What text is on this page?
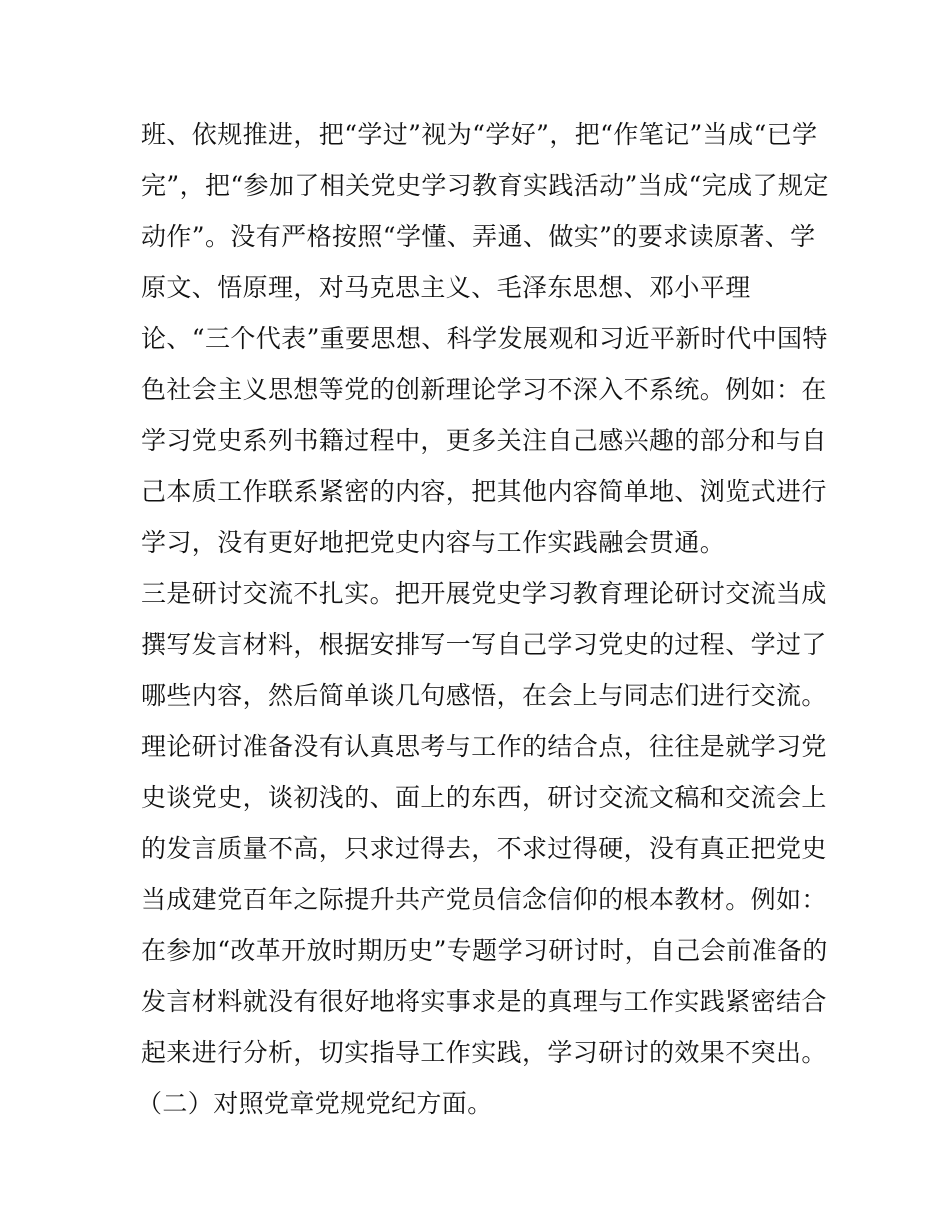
班、依规推进，把“学过”视为“学好”，把“作笔记”当成“已学
完”，把“参加了相关党史学习教育实践活动”当成“完成了规定
动作”。没有严格按照“学懂、弄通、做实”的要求读原著、学
原文、悟原理，对马克思主义、毛泽东思想、邓小平理
论、“三个代表”重要思想、科学发展观和习近平新时代中国特
色社会主义思想等党的创新理论学习不深入不系统。例如：在
学习党史系列书籍过程中，更多关注自己感兴趣的部分和与自
己本质工作联系紧密的内容，把其他内容简单地、浏览式进行
学习，没有更好地把党史内容与工作实践融会贯通。
三是研讨交流不扎实。把开展党史学习教育理论研讨交流当成
撰写发言材料，根据安排写一写自己学习党史的过程、学过了
哪些内容，然后简单谈几句感悟，在会上与同志们进行交流。
理论研讨准备没有认真思考与工作的结合点，往往是就学习党
史谈党史，谈初浅的、面上的东西，研讨交流文稿和交流会上
的发言质量不高，只求过得去，不求过得硬，没有真正把党史
当成建党百年之际提升共产党员信念信仰的根本教材。例如：
在参加“改革开放时期历史”专题学习研讨时，自己会前准备的
发言材料就没有很好地将实事求是的真理与工作实践紧密结合
起来进行分析，切实指导工作实践，学习研讨的效果不突出。
（二）对照党章党规党纪方面。
